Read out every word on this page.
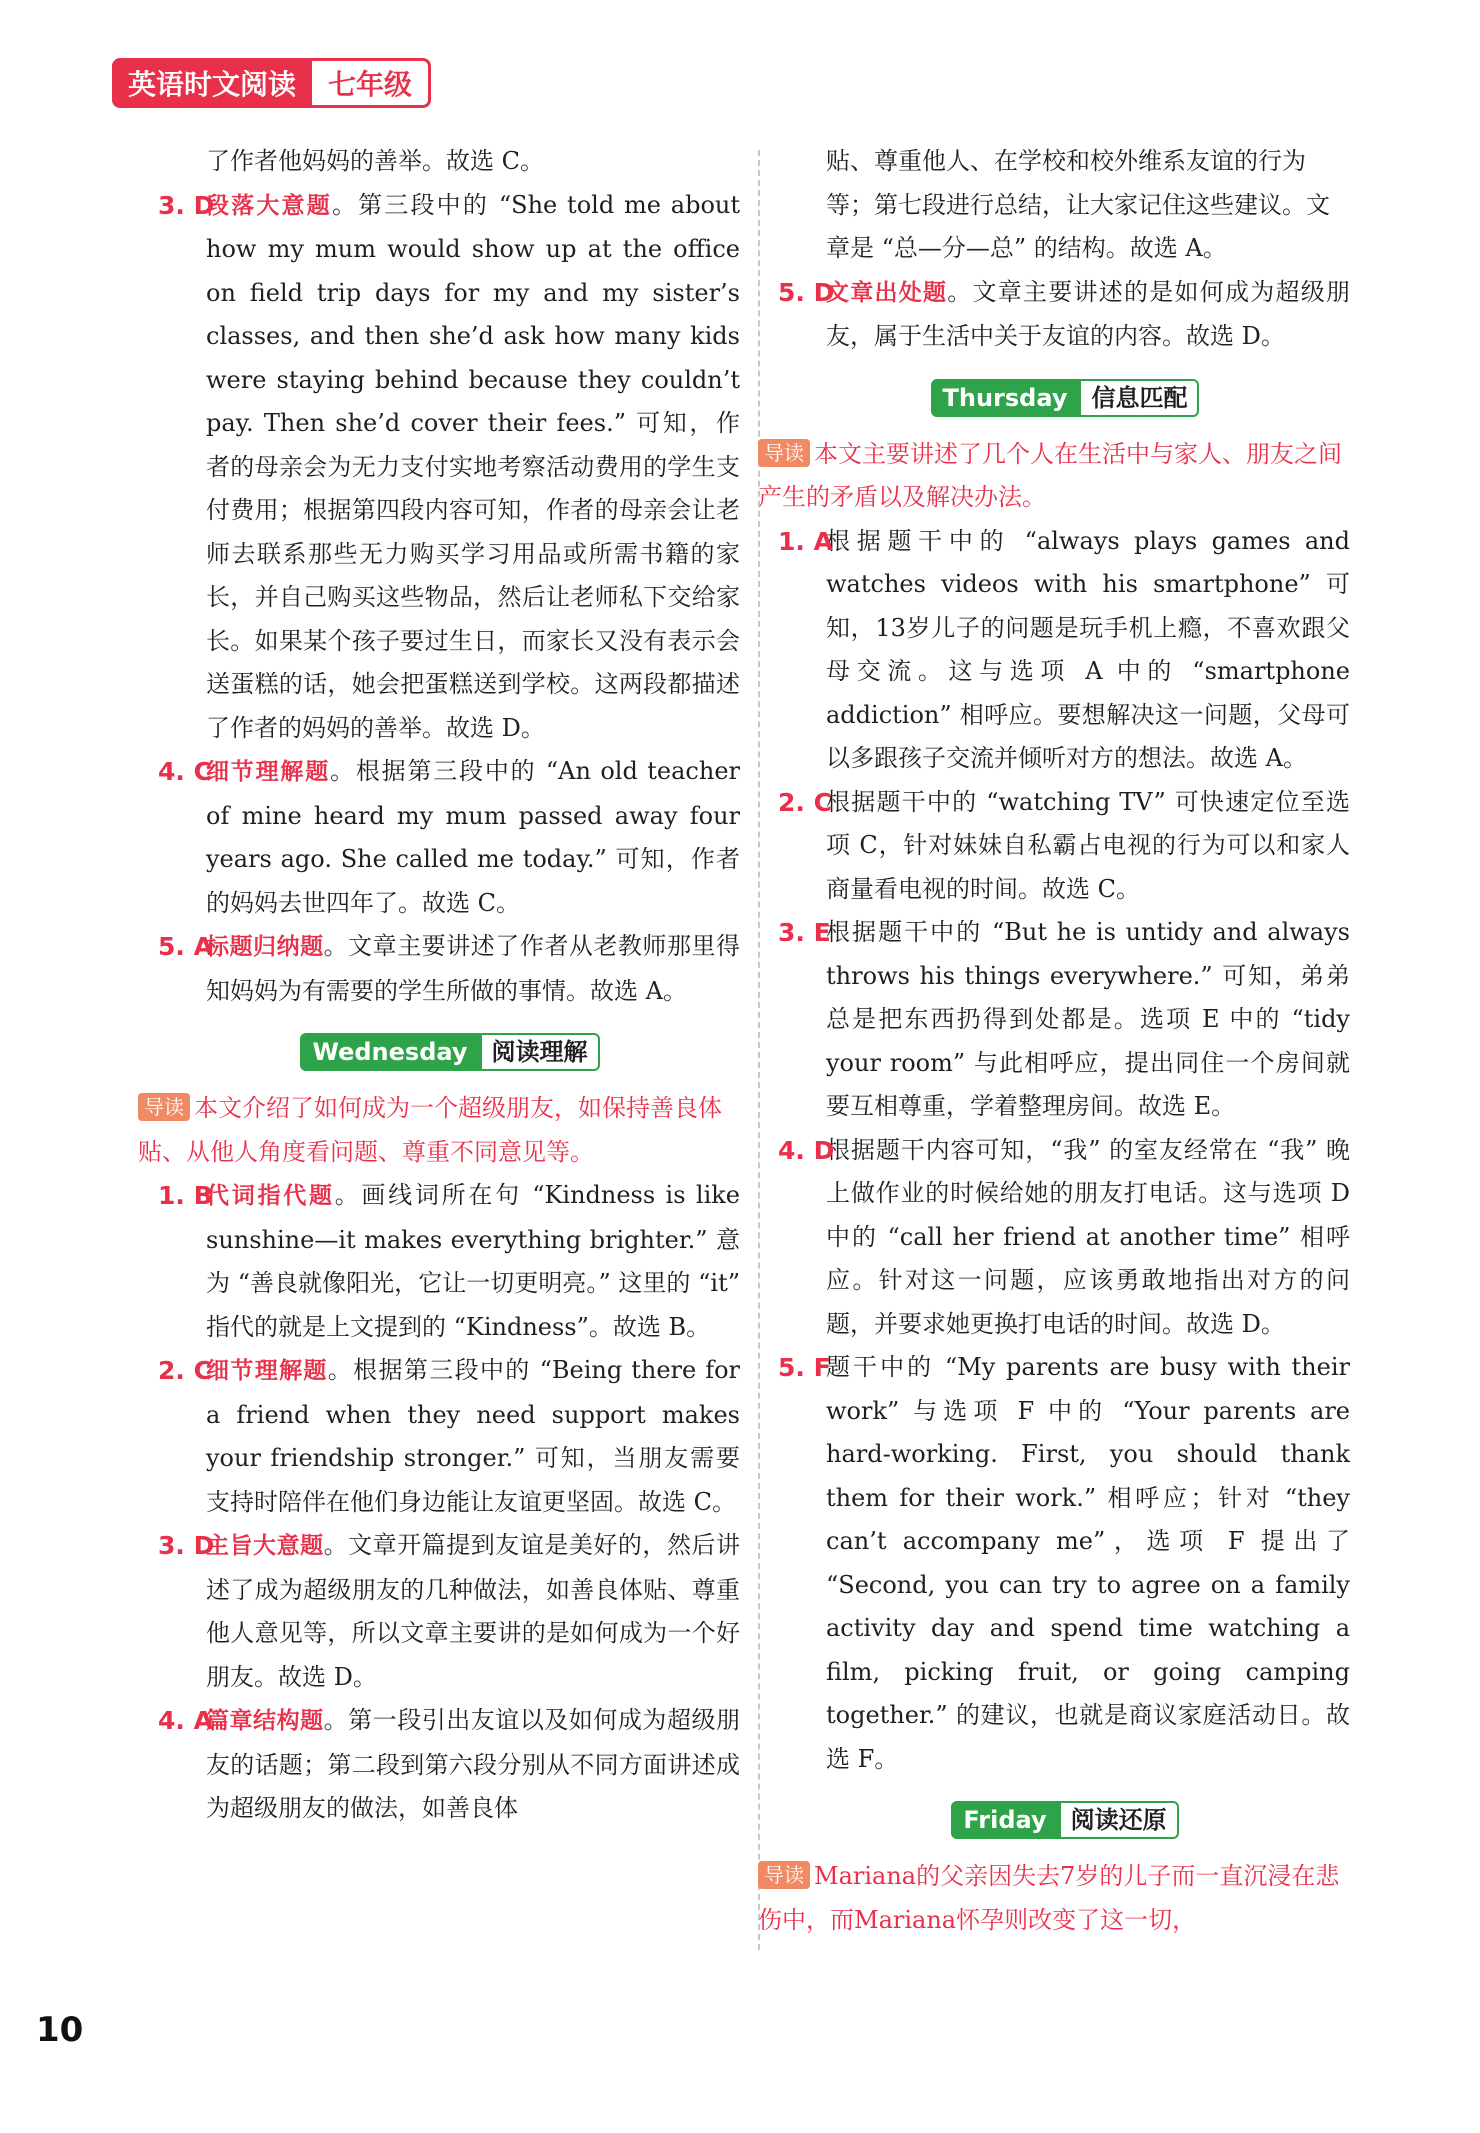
英语时文阅读	七年级

了作者他妈妈的善举。故选 C。

3. D
段落大意题。第三段中的 “She told me about how my mum would show up at the office on field trip days for my and my sister’s classes, and then she’d ask how many kids were staying behind because they couldn’t pay. Then she’d cover their fees.” 可知，作者的母亲会为无力支付实地考察活动费用的学生支付费用；根据第四段内容可知，作者的母亲会让老师去联系那些无力购买学习用品或所需书籍的家长，并自己购买这些物品，然后让老师私下交给家长。如果某个孩子要过生日，而家长又没有表示会送蛋糕的话，她会把蛋糕送到学校。这两段都描述了作者的妈妈的善举。故选 D。

4. C
细节理解题。根据第三段中的 “An old teacher of mine heard my mum passed away four years ago. She called me today.” 可知，作者的妈妈去世四年了。故选 C。

5. A
标题归纳题。文章主要讲述了作者从老教师那里得知妈妈为有需要的学生所做的事情。故选 A。

Wednesday	阅读理解

导读 本文介绍了如何成为一个超级朋友，如保持善良体贴、从他人角度看问题、尊重不同意见等。

1. B
代词指代题。画线词所在句 “Kindness is like sunshine—it makes everything brighter.” 意为 “善良就像阳光，它让一切更明亮。” 这里的 “it” 指代的就是上文提到的 “Kindness”。故选 B。

2. C
细节理解题。根据第三段中的 “Being there for a friend when they need support makes your friendship stronger.” 可知，当朋友需要支持时陪伴在他们身边能让友谊更坚固。故选 C。

3. D
主旨大意题。文章开篇提到友谊是美好的，然后讲述了成为超级朋友的几种做法，如善良体贴、尊重他人意见等，所以文章主要讲的是如何成为一个好朋友。故选 D。

4. A
篇章结构题。第一段引出友谊以及如何成为超级朋友的话题；第二段到第六段分别从不同方面讲述成为超级朋友的做法，如善良体

贴、尊重他人、在学校和校外维系友谊的行为等；第七段进行总结，让大家记住这些建议。文章是 “总—分—总” 的结构。故选 A。

5. D
文章出处题。文章主要讲述的是如何成为超级朋友，属于生活中关于友谊的内容。故选 D。

Thursday	信息匹配

导读 本文主要讲述了几个人在生活中与家人、朋友之间产生的矛盾以及解决办法。

1. A
根据题干中的 “always plays games and watches videos with his smartphone” 可知，13岁儿子的问题是玩手机上瘾，不喜欢跟父母交流。这与选项 A 中的 “smartphone addiction” 相呼应。要想解决这一问题，父母可以多跟孩子交流并倾听对方的想法。故选 A。

2. C
根据题干中的 “watching TV” 可快速定位至选项 C，针对妹妹自私霸占电视的行为可以和家人商量看电视的时间。故选 C。

3. E
根据题干中的 “But he is untidy and always throws his things everywhere.” 可知，弟弟总是把东西扔得到处都是。选项 E 中的 “tidy your room” 与此相呼应，提出同住一个房间就要互相尊重，学着整理房间。故选 E。

4. D
根据题干内容可知，“我” 的室友经常在 “我” 晚上做作业的时候给她的朋友打电话。这与选项 D 中的 “call her friend at another time” 相呼应。针对这一问题，应该勇敢地指出对方的问题，并要求她更换打电话的时间。故选 D。

5. F
题干中的 “My parents are busy with their work” 与选项 F 中的 “Your parents are hard-working. First, you should thank them for their work.” 相呼应；针对 “they can’t accompany me”，选项 F 提出了 “Second, you can try to agree on a family activity day and spend time watching a film, picking fruit, or going camping together.” 的建议，也就是商议家庭活动日。故选 F。

Friday	阅读还原

导读 Mariana的父亲因失去7岁的儿子而一直沉浸在悲伤中，而Mariana怀孕则改变了这一切，

10
